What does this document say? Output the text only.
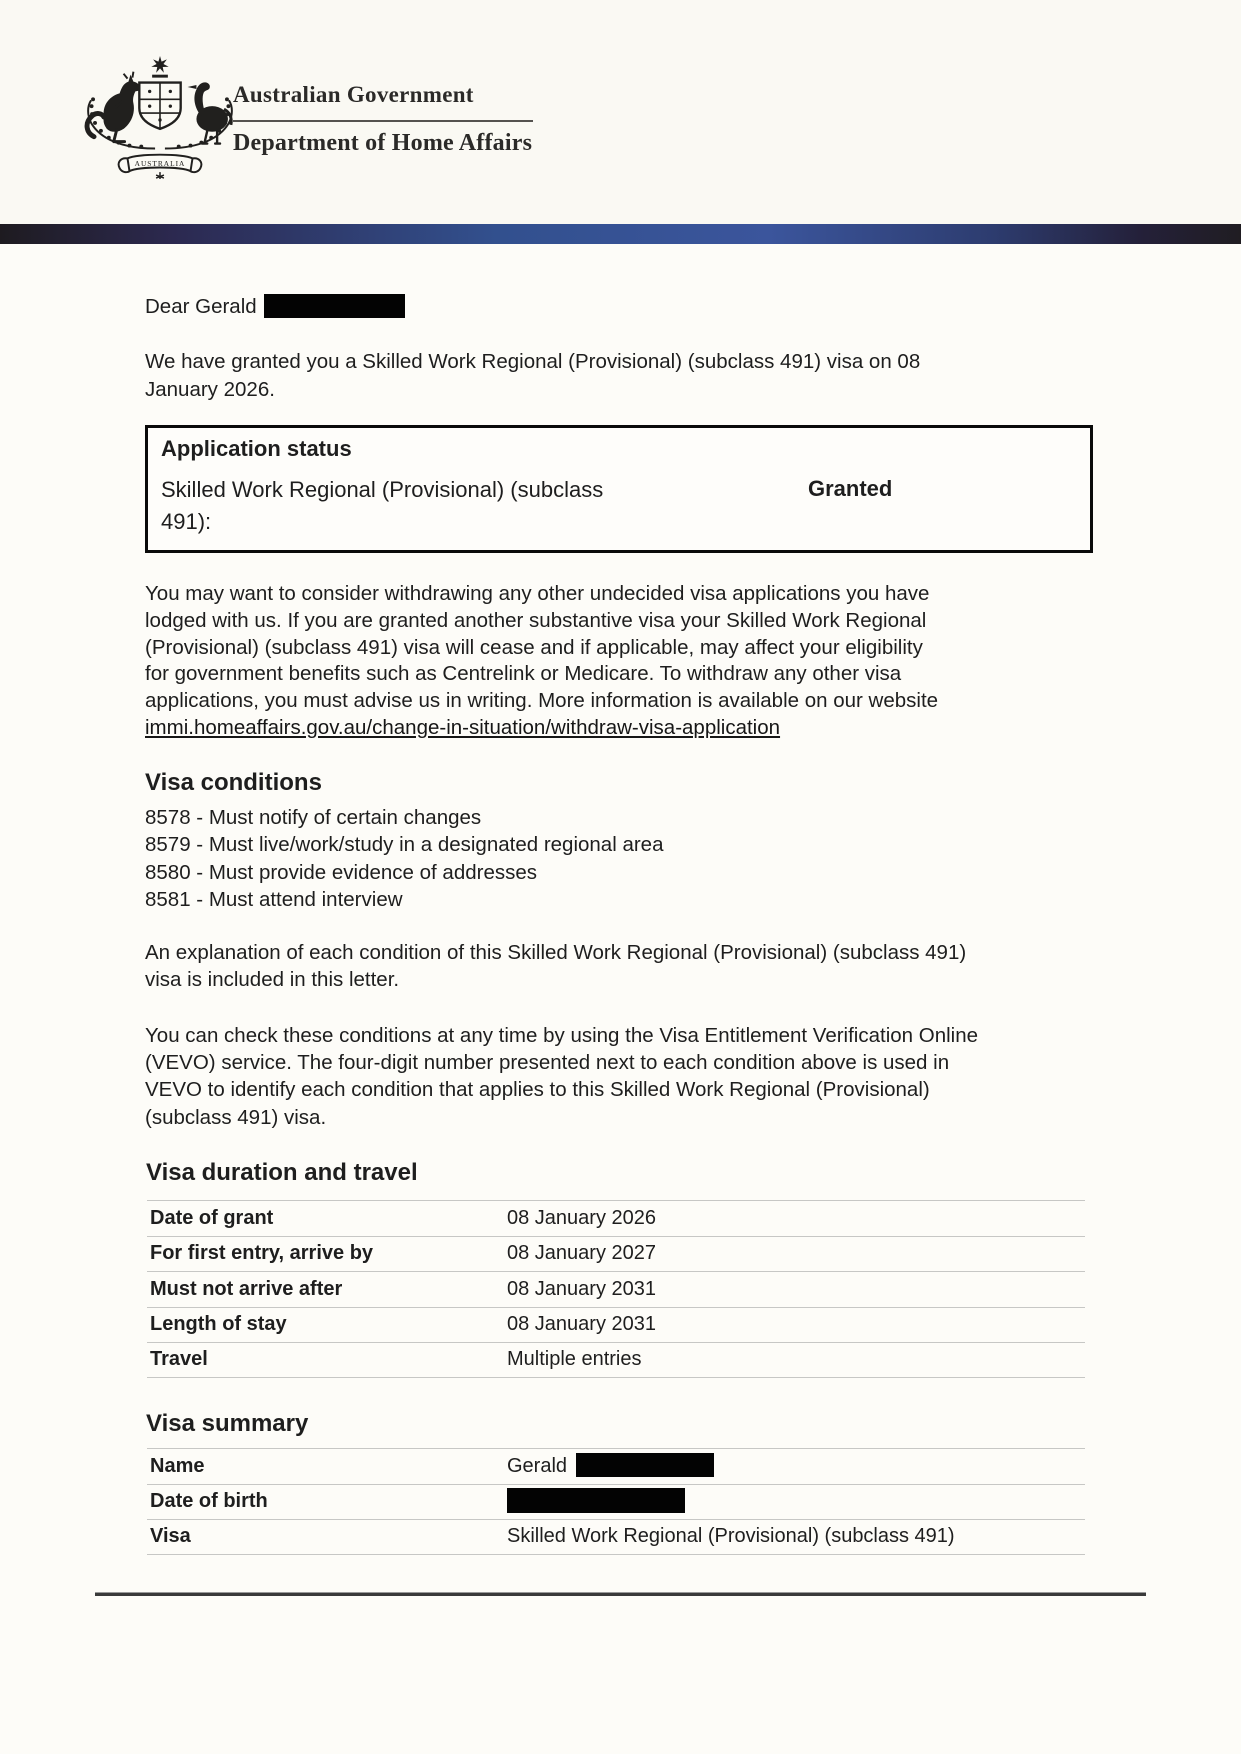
AUSTRALIA
Australian Government
Department of Home Affairs
Dear Gerald
We have granted you a Skilled Work Regional (Provisional) (subclass 491) visa on 08
January 2026.
Application status
Skilled Work Regional (Provisional) (subclass
491):
Granted
You may want to consider withdrawing any other undecided visa applications you have
lodged with us. If you are granted another substantive visa your Skilled Work Regional
(Provisional) (subclass 491) visa will cease and if applicable, may affect your eligibility
for government benefits such as Centrelink or Medicare. To withdraw any other visa
applications, you must advise us in writing. More information is available on our website
immi.homeaffairs.gov.au/change-in-situation/withdraw-visa-application
Visa conditions
8578 - Must notify of certain changes
8579 - Must live/work/study in a designated regional area
8580 - Must provide evidence of addresses
8581 - Must attend interview
An explanation of each condition of this Skilled Work Regional (Provisional) (subclass 491)
visa is included in this letter.
You can check these conditions at any time by using the Visa Entitlement Verification Online
(VEVO) service. The four-digit number presented next to each condition above is used in
VEVO to identify each condition that applies to this Skilled Work Regional (Provisional)
(subclass 491) visa.
Visa duration and travel
Date of grant	08 January 2026
For first entry, arrive by	08 January 2027
Must not arrive after	08 January 2031
Length of stay	08 January 2031
Travel	Multiple entries
Visa summary
Name	Gerald
Date of birth
Visa	Skilled Work Regional (Provisional) (subclass 491)
